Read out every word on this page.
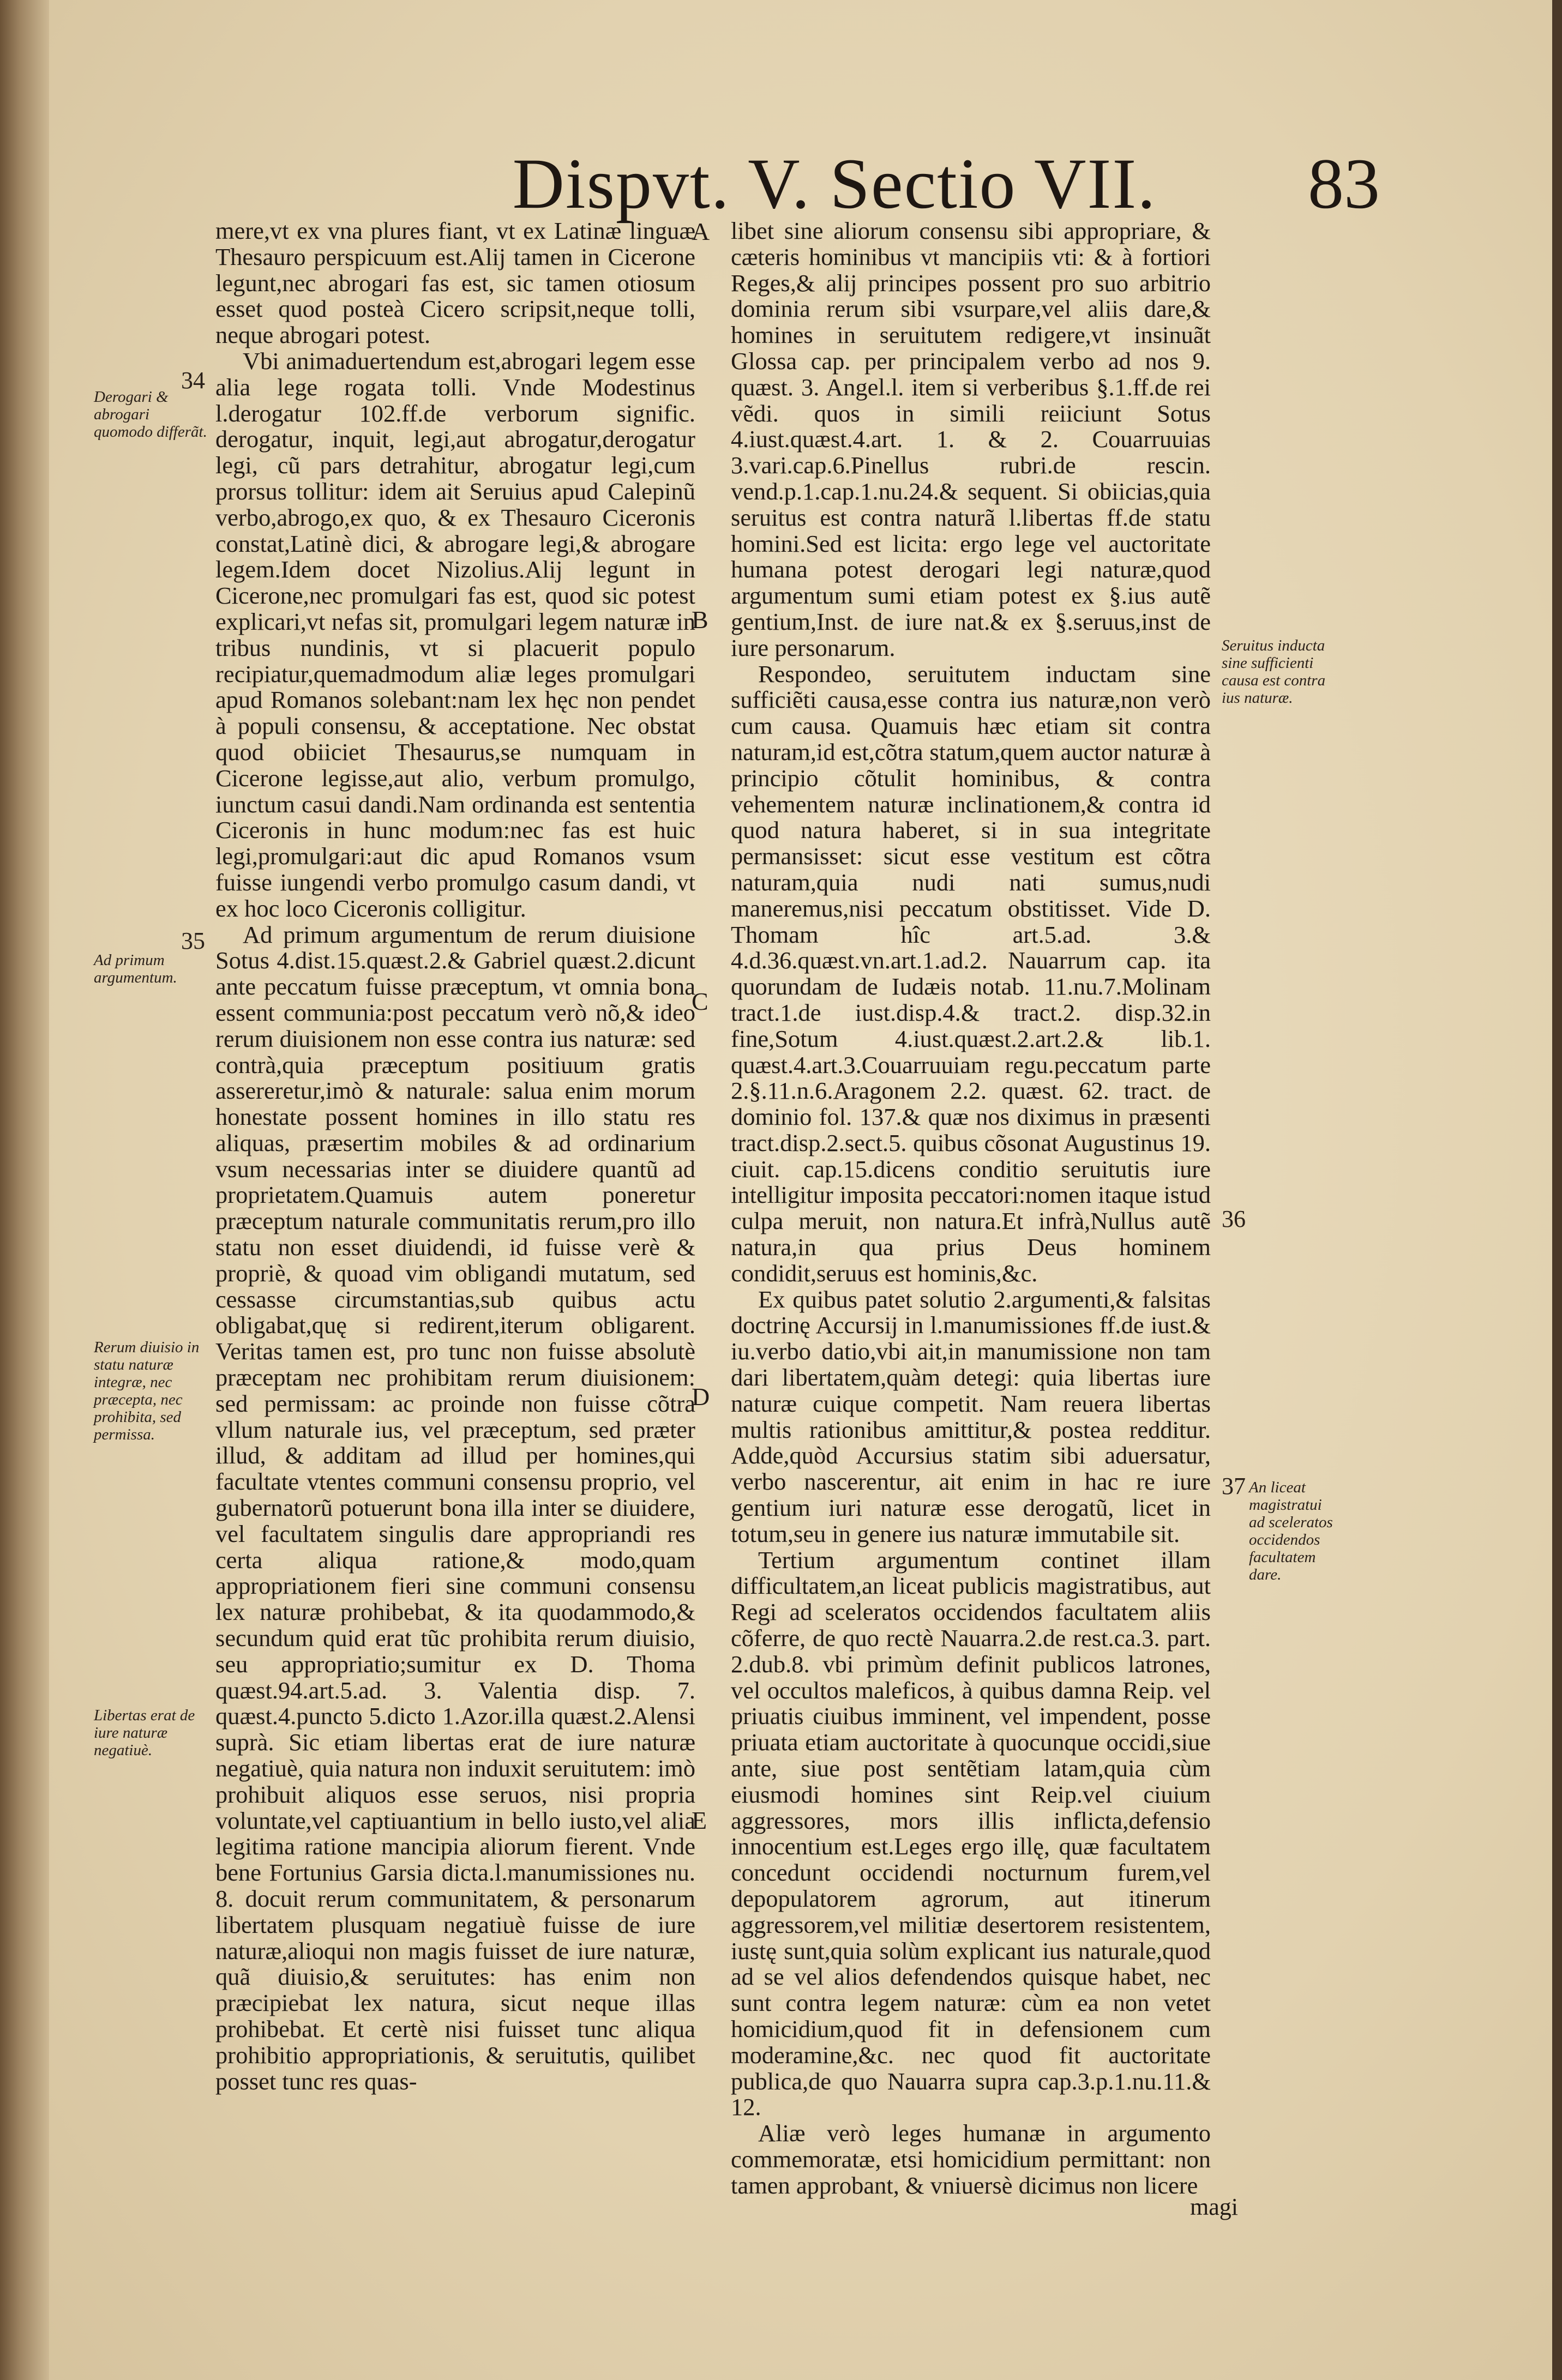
Dispvt. V. Sectio VII.	83
34
Derogari & abrogari quomodo differãt.
35
Ad primum argumentum.
Rerum diuisio in statu naturæ integræ, nec præcepta, nec prohibita, sed permissa.
Libertas erat de iure naturæ negatiuè.
A
B
C
D
E
Seruitus inducta sine sufficienti causa est contra ius naturæ.
36
37 An liceat magistratui ad sceleratos occidendos facultatem dare.

mere,vt ex vna plures fiant, vt ex Latinæ linguæ Thesauro perspicuum est.Alij tamen in Cicerone legunt,nec abrogari fas est, sic tamen otiosum esset quod posteà Cicero scripsit,neque tolli, neque abrogari potest.

Vbi animaduertendum est,abrogari legem esse alia lege rogata tolli. Vnde Modestinus l.derogatur 102.ff.de verborum signific. derogatur, inquit, legi,aut abrogatur,derogatur legi, cũ pars detrahitur, abrogatur legi,cum prorsus tollitur: idem ait Seruius apud Calepinũ verbo,abrogo,ex quo, & ex Thesauro Ciceronis constat,Latinè dici, & abrogare legi,& abrogare legem.Idem docet Nizolius.Alij legunt in Cicerone,nec promulgari fas est, quod sic potest explicari,vt nefas sit, promulgari legem naturæ in tribus nundinis, vt si placuerit populo recipiatur,quemadmodum aliæ leges promulgari apud Romanos solebant:nam lex hęc non pendet à populi consensu, & acceptatione. Nec obstat quod obiiciet Thesaurus,se numquam in Cicerone legisse,aut alio, verbum promulgo, iunctum casui dandi.Nam ordinanda est sententia Ciceronis in hunc modum:nec fas est huic legi,promulgari:aut dic apud Romanos vsum fuisse iungendi verbo promulgo casum dandi, vt ex hoc loco Ciceronis colligitur.

Ad primum argumentum de rerum diuisione Sotus 4.dist.15.quæst.2.& Gabriel quæst.2.dicunt ante peccatum fuisse præceptum, vt omnia bona essent communia:post peccatum verò nõ,& ideo rerum diuisionem non esse contra ius naturæ: sed contrà,quia præceptum positiuum gratis assereretur,imò & naturale: salua enim morum honestate possent homines in illo statu res aliquas, præsertim mobiles & ad ordinarium vsum necessarias inter se diuidere quantũ ad proprietatem.Quamuis autem poneretur præceptum naturale communitatis rerum,pro illo statu non esset diuidendi, id fuisse verè & propriè, & quoad vim obligandi mutatum, sed cessasse circumstantias,sub quibus actu obligabat,quę si redirent,iterum obligarent. Veritas tamen est, pro tunc non fuisse absolutè præceptam nec prohibitam rerum diuisionem: sed permissam: ac proinde non fuisse cõtra vllum naturale ius, vel præceptum, sed præter illud, & additam ad illud per homines,qui facultate vtentes communi consensu proprio, vel gubernatorũ potuerunt bona illa inter se diuidere, vel facultatem singulis dare appropriandi res certa aliqua ratione,& modo,quam appropriationem fieri sine communi consensu lex naturæ prohibebat, & ita quodammodo,& secundum quid erat tũc prohibita rerum diuisio, seu appropriatio;sumitur ex D. Thoma quæst.94.art.5.ad. 3. Valentia disp. 7. quæst.4.puncto 5.dicto 1.Azor.illa quæst.2.Alensi suprà. Sic etiam libertas erat de iure naturæ negatiuè, quia natura non induxit seruitutem: imò prohibuit aliquos esse seruos, nisi propria voluntate,vel captiuantium in bello iusto,vel alia legitima ratione mancipia aliorum fierent. Vnde bene Fortunius Garsia dicta.l.manumissiones nu. 8. docuit rerum communitatem, & personarum libertatem plusquam negatiuè fuisse de iure naturæ,alioqui non magis fuisset de iure naturæ, quã diuisio,& seruitutes: has enim non præcipiebat lex natura, sicut neque illas prohibebat. Et certè nisi fuisset tunc aliqua prohibitio appropriationis, & seruitutis, quilibet posset tunc res quas-

libet sine aliorum consensu sibi appropriare, & cæteris hominibus vt mancipiis vti: & à fortiori Reges,& alij principes possent pro suo arbitrio dominia rerum sibi vsurpare,vel aliis dare,& homines in seruitutem redigere,vt insinuãt Glossa cap. per principalem verbo ad nos 9. quæst. 3. Angel.l. item si verberibus §.1.ff.de rei vẽdi. quos in simili reiiciunt Sotus 4.iust.quæst.4.art. 1. & 2. Couarruuias 3.vari.cap.6.Pinellus rubri.de rescin. vend.p.1.cap.1.nu.24.& sequent. Si obiicias,quia seruitus est contra naturã l.libertas ff.de statu homini.Sed est licita: ergo lege vel auctoritate humana potest derogari legi naturæ,quod argumentum sumi etiam potest ex §.ius autẽ gentium,Inst. de iure nat.& ex §.seruus,inst de iure personarum.

Respondeo, seruitutem inductam sine sufficiẽti causa,esse contra ius naturæ,non verò cum causa. Quamuis hæc etiam sit contra naturam,id est,cõtra statum,quem auctor naturæ à principio cõtulit hominibus, & contra vehementem naturæ inclinationem,& contra id quod natura haberet, si in sua integritate permansisset: sicut esse vestitum est cõtra naturam,quia nudi nati sumus,nudi maneremus,nisi peccatum obstitisset. Vide D. Thomam hîc art.5.ad. 3.& 4.d.36.quæst.vn.art.1.ad.2. Nauarrum cap. ita quorundam de Iudæis notab. 11.nu.7.Molinam tract.1.de iust.disp.4.& tract.2. disp.32.in fine,Sotum 4.iust.quæst.2.art.2.& lib.1. quæst.4.art.3.Couarruuiam regu.peccatum parte 2.§.11.n.6.Aragonem 2.2. quæst. 62. tract. de dominio fol. 137.& quæ nos diximus in præsenti tract.disp.2.sect.5. quibus cõsonat Augustinus 19. ciuit. cap.15.dicens conditio seruitutis iure intelligitur imposita peccatori:nomen itaque istud culpa meruit, non natura.Et infrà,Nullus autẽ natura,in qua prius Deus hominem condidit,seruus est hominis,&c.

Ex quibus patet solutio 2.argumenti,& falsitas doctrinę Accursij in l.manumissiones ff.de iust.& iu.verbo datio,vbi ait,in manumissione non tam dari libertatem,quàm detegi: quia libertas iure naturæ cuique competit. Nam reuera libertas multis rationibus amittitur,& postea redditur. Adde,quòd Accursius statim sibi aduersatur, verbo nascerentur, ait enim in hac re iure gentium iuri naturæ esse derogatũ, licet in totum,seu in genere ius naturæ immutabile sit.

Tertium argumentum continet illam difficultatem,an liceat publicis magistratibus, aut Regi ad sceleratos occidendos facultatem aliis cõferre, de quo rectè Nauarra.2.de rest.ca.3. part. 2.dub.8. vbi primùm definit publicos latrones, vel occultos maleficos, à quibus damna Reip. vel priuatis ciuibus imminent, vel impendent, posse priuata etiam auctoritate à quocunque occidi,siue ante, siue post sentẽtiam latam,quia cùm eiusmodi homines sint Reip.vel ciuium aggressores, mors illis inflicta,defensio innocentium est.Leges ergo illę, quæ facultatem concedunt occidendi nocturnum furem,vel depopulatorem agrorum, aut itinerum aggressorem,vel militiæ desertorem resistentem, iustę sunt,quia solùm explicant ius naturale,quod ad se vel alios defendendos quisque habet, nec sunt contra legem naturæ: cùm ea non vetet homicidium,quod fit in defensionem cum moderamine,&c. nec quod fit auctoritate publica,de quo Nauarra supra cap.3.p.1.nu.11.& 12.

Aliæ verò leges humanæ in argumento commemoratæ, etsi homicidium permittant: non tamen approbant, & vniuersè dicimus non licere

magi
